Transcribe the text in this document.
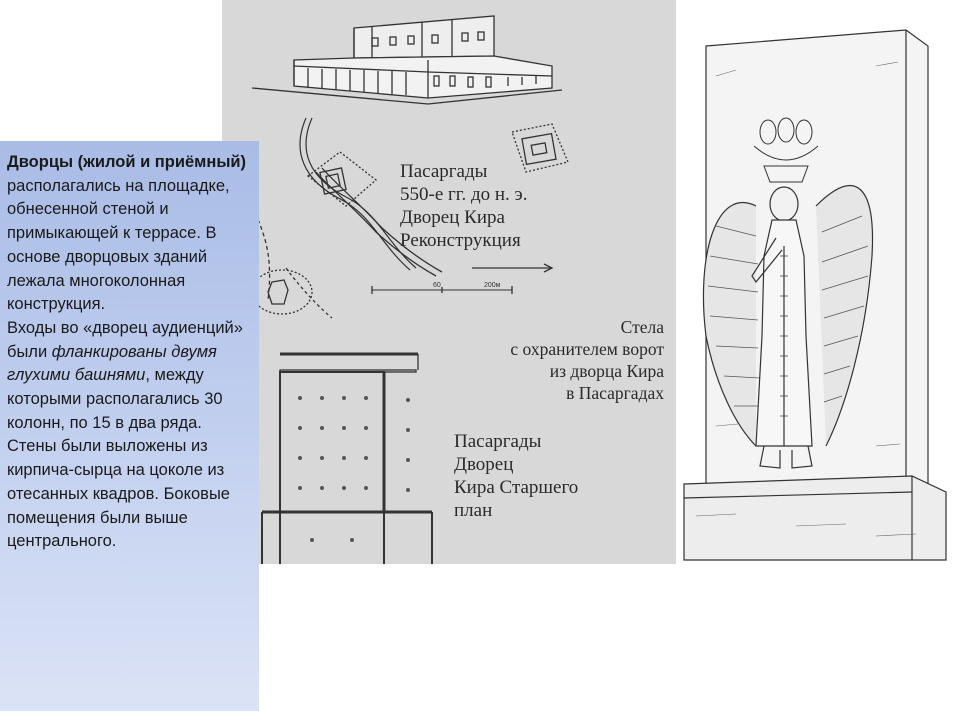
60	200м
Пасаргады
550-е гг. до н. э.
Дворец Кира
Реконструкция
Пасаргады
Дворец
Кира Старшего
план
Стела
с охранителем ворот
из дворца Кира
в Пасаргадах

Дворцы (жилой и приёмный) располагались на площадке, обнесенной стеной и примыкающей к террасе. В основе дворцовых зданий лежала многоколонная конструкция.

Входы во «дворец аудиенций» были фланкированы двумя глухими башнями, между которыми располагались 30 колонн, по 15 в два ряда. Стены были выложены из кирпича-сырца на цоколе из отесанных квадров. Боковые помещения были выше центрального.
